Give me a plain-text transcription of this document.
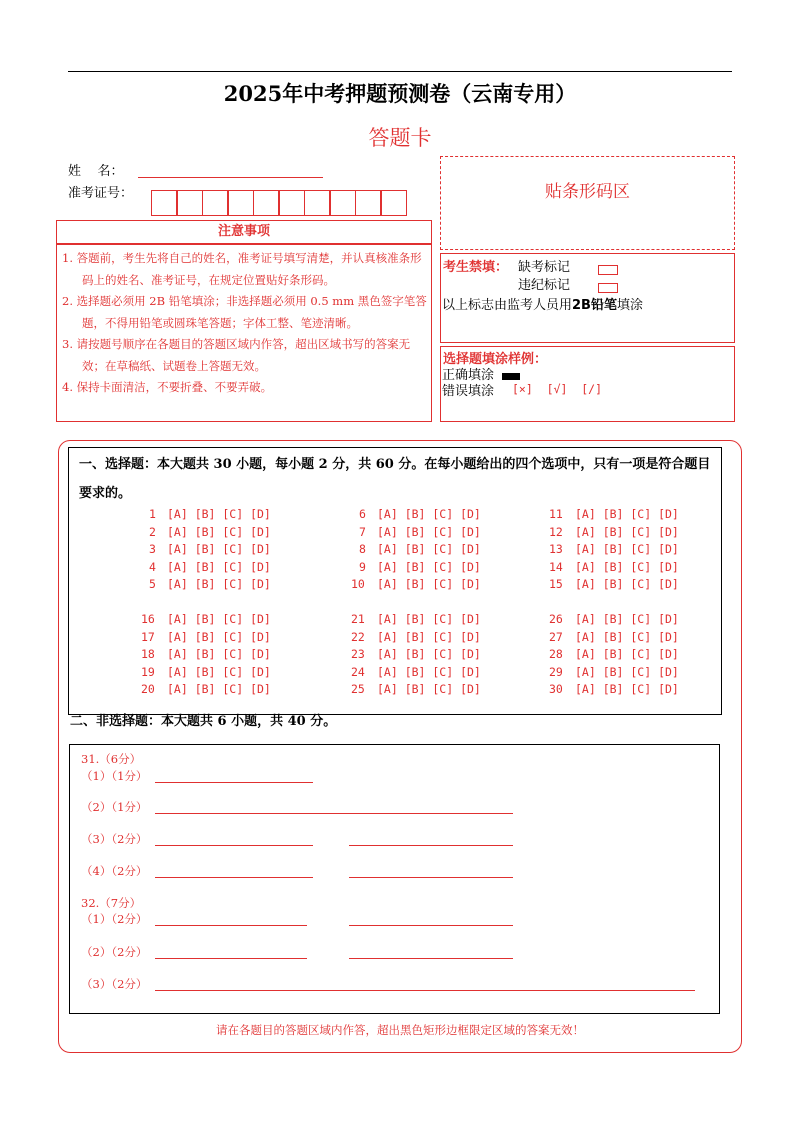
2025年中考押题预测卷（云南专用）
答题卡
姓    名：
准考证号：	贴条形码区
注意事项
1. 答题前，考生先将自己的姓名，准考证号填写清楚，并认真核准条形码上的姓名、准考证号，在规定位置贴好条形码。
2. 选择题必须用 2B 铅笔填涂；非选择题必须用 0.5 mm 黑色签字笔答题，不得用铅笔或圆珠笔答题；字体工整、笔迹清晰。
3. 请按题号顺序在各题目的答题区域内作答，超出区域书写的答案无效；在草稿纸、试题卷上答题无效。
4. 保持卡面清洁，不要折叠、不要弄破。
考生禁填： 缺考标记
违纪标记
以上标志由监考人员用2B铅笔填涂
选择题填涂样例：
正确填涂
错误填涂 [×]  [√]  [/]
一、选择题：本大题共 30 小题，每小题 2 分，共 60 分。在每小题给出的四个选项中，只有一项是符合题目要求的。
1 [A] [B] [C] [D]
2 [A] [B] [C] [D]
3 [A] [B] [C] [D]
4 [A] [B] [C] [D]
5 [A] [B] [C] [D]
6 [A] [B] [C] [D]
7 [A] [B] [C] [D]
8 [A] [B] [C] [D]
9 [A] [B] [C] [D]
10 [A] [B] [C] [D]
11 [A] [B] [C] [D]
12 [A] [B] [C] [D]
13 [A] [B] [C] [D]
14 [A] [B] [C] [D]
15 [A] [B] [C] [D]
16 [A] [B] [C] [D]
17 [A] [B] [C] [D]
18 [A] [B] [C] [D]
19 [A] [B] [C] [D]
20 [A] [B] [C] [D]
21 [A] [B] [C] [D]
22 [A] [B] [C] [D]
23 [A] [B] [C] [D]
24 [A] [B] [C] [D]
25 [A] [B] [C] [D]
26 [A] [B] [C] [D]
27 [A] [B] [C] [D]
28 [A] [B] [C] [D]
29 [A] [B] [C] [D]
30 [A] [B] [C] [D]
二、非选择题：本大题共 6 小题，共 40 分。
31.（6分）
（1）（1分）
（2）（1分）
（3）（2分）
（4）（2分）
32.（7分）
（1）（2分）
（2）（2分）
（3）（2分）
请在各题目的答题区域内作答，超出黑色矩形边框限定区域的答案无效！
